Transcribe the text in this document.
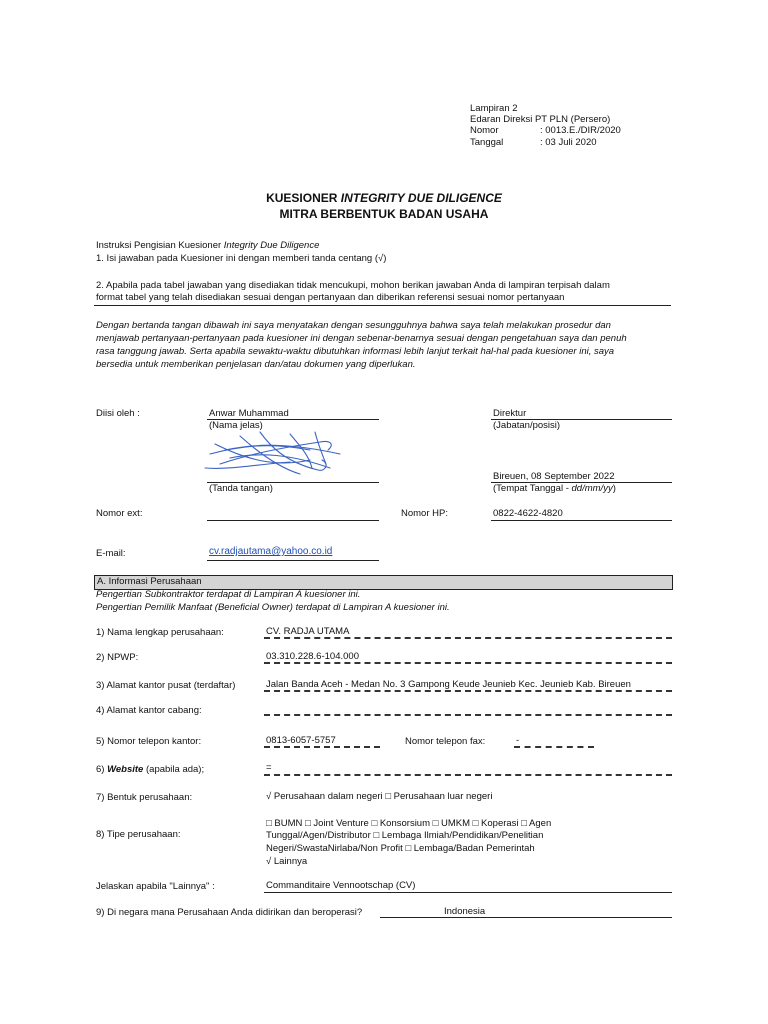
Lampiran 2
Edaran Direksi PT PLN (Persero)
Nomor	: 0013.E./DIR/2020
Tanggal	: 03 Juli 2020
KUESIONER INTEGRITY DUE DILIGENCE
MITRA BERBENTUK BADAN USAHA
Instruksi Pengisian Kuesioner Integrity Due Diligence
1. Isi jawaban pada Kuesioner ini dengan memberi tanda centang (√)
2. Apabila pada tabel jawaban yang disediakan tidak mencukupi, mohon berikan jawaban Anda di lampiran terpisah dalam
format tabel yang telah disediakan sesuai dengan pertanyaan dan diberikan referensi sesuai nomor pertanyaan
Dengan bertanda tangan dibawah ini saya menyatakan dengan sesungguhnya bahwa saya telah melakukan prosedur dan
menjawab pertanyaan-pertanyaan pada kuesioner ini dengan sebenar-benarnya sesuai dengan pengetahuan saya dan penuh
rasa tanggung jawab. Serta apabila sewaktu-waktu dibutuhkan informasi lebih lanjut terkait hal-hal pada kuesioner ini, saya
bersedia untuk memberikan penjelasan dan/atau dokumen yang diperlukan.
Diisi oleh :	Anwar Muhammad
(Nama jelas)
Direktur
(Jabatan/posisi)
(Tanda tangan)
Bireuen, 08 September 2022
(Tempat Tanggal - dd/mm/yy)
Nomor ext:	Nomor HP:	0822-4622-4820
E-mail:	cv.radjautama@yahoo.co.id
A. Informasi Perusahaan
Pengertian Subkontraktor terdapat di Lampiran A kuesioner ini.
Pengertian Pemilik Manfaat (Beneficial Owner) terdapat di Lampiran A kuesioner ini.
1) Nama lengkap perusahaan:	CV. RADJA UTAMA
2) NPWP:	03.310.228.6-104.000
3) Alamat kantor pusat (terdaftar)	Jalan Banda Aceh - Medan No. 3 Gampong Keude Jeunieb Kec. Jeunieb Kab. Bireuen
4) Alamat kantor cabang:
5) Nomor telepon kantor:	0813-6057-5757	Nomor telepon fax:	-
6) Website (apabila ada);	=
7) Bentuk perusahaan:	√ Perusahaan dalam negeri □ Perusahaan luar negeri
8) Tipe perusahaan:
□ BUMN □ Joint Venture □ Konsorsium □ UMKM □ Koperasi □ Agen
Tunggal/Agen/Distributor □ Lembaga Ilmiah/Pendidikan/Penelitian
Negeri/SwastaNirlaba/Non Profit □ Lembaga/Badan Pemerintah
√ Lainnya
Jelaskan apabila "Lainnya" :	Commanditaire Vennootschap (CV)
9) Di negara mana Perusahaan Anda didirikan dan beroperasi?	Indonesia
